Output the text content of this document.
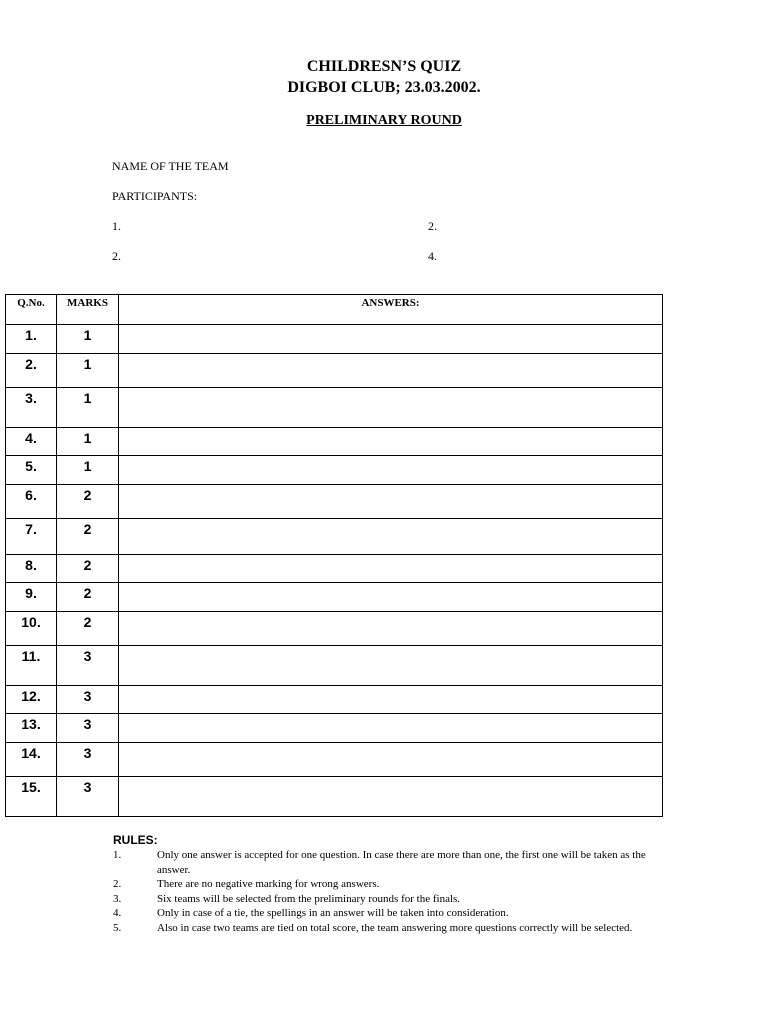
CHILDRESN’S QUIZ
DIGBOI CLUB; 23.03.2002.
PRELIMINARY ROUND
NAME OF THE TEAM
PARTICIPANTS:
1.	2.
2.	4.
Q.No.	MARKS	ANSWERS:
1.	1	
2.	1	
3.	1	
4.	1	
5.	1	
6.	2	
7.	2	
8.	2	
9.	2	
10.	2	
11.	3	
12.	3	
13.	3	
14.	3	
15.	3	
RULES:
1.	Only one answer is accepted for one question. In case there are more than one, the first one will be taken as the answer.
2.	There are no negative marking for wrong answers.
3.	Six teams will be selected from the preliminary rounds for the finals.
4.	Only in case of a tie, the spellings in an answer will be taken into consideration.
5.	Also in case two teams are tied on total score, the team answering more questions correctly will be selected.
